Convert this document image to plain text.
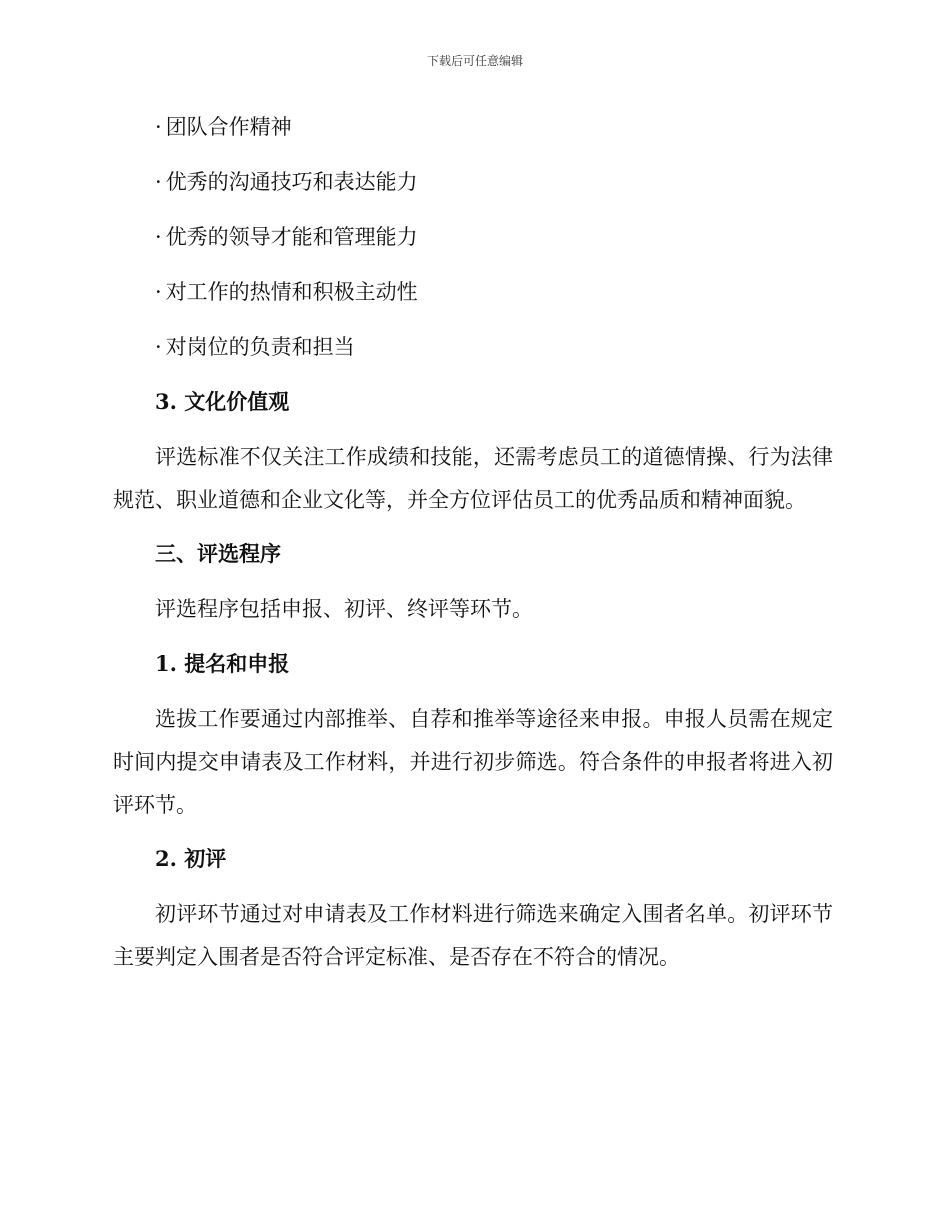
下载后可任意编辑
· 团队合作精神
· 优秀的沟通技巧和表达能力
· 优秀的领导才能和管理能力
· 对工作的热情和积极主动性
· 对岗位的负责和担当
3. 文化价值观
评选标准不仅关注工作成绩和技能，还需考虑员工的道德情操、行为法律规范、职业道德和企业文化等，并全方位评估员工的优秀品质和精神面貌。
三、评选程序
评选程序包括申报、初评、终评等环节。
1. 提名和申报
选拔工作要通过内部推举、自荐和推举等途径来申报。申报人员需在规定时间内提交申请表及工作材料，并进行初步筛选。符合条件的申报者将进入初评环节。
2. 初评
初评环节通过对申请表及工作材料进行筛选来确定入围者名单。初评环节主要判定入围者是否符合评定标准、是否存在不符合的情况。
